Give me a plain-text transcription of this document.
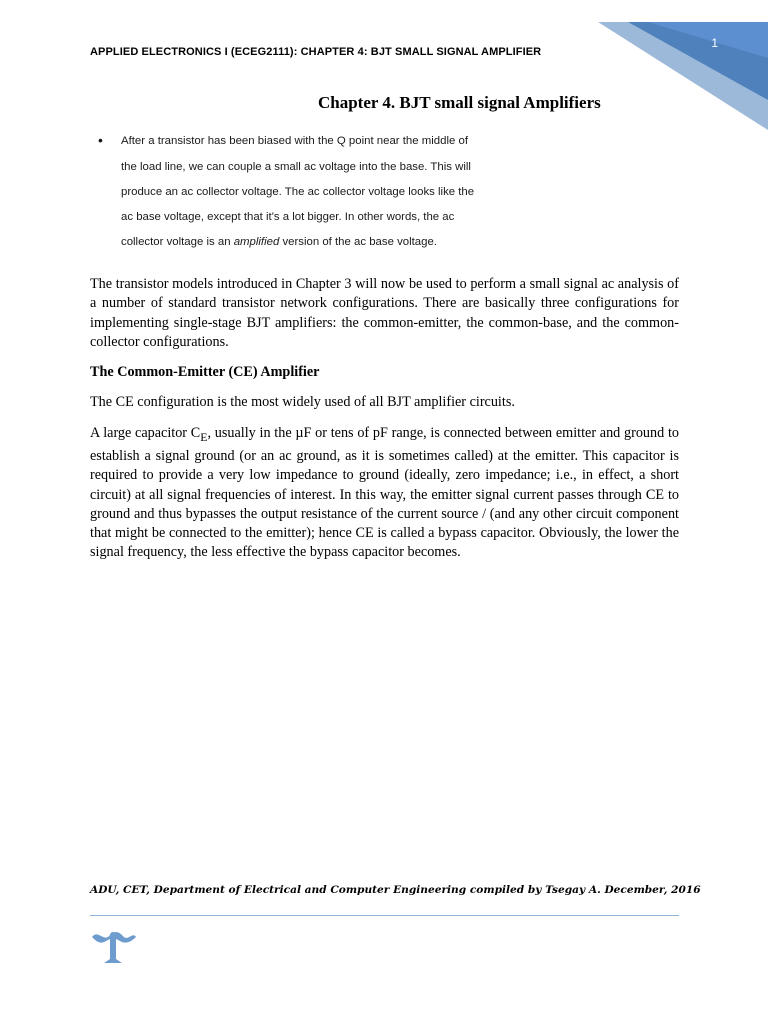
APPLIED ELECTRONICS I (ECEG2111): CHAPTER 4: BJT SMALL SIGNAL AMPLIFIER
1
Chapter 4. BJT small signal Amplifiers
• After a transistor has been biased with the Q point near the middle of
the load line, we can couple a small ac voltage into the base. This will
produce an ac collector voltage. The ac collector voltage looks like the
ac base voltage, except that it's a lot bigger. In other words, the ac
collector voltage is an amplified version of the ac base voltage.

The transistor models introduced in Chapter 3 will now be used to perform a small signal ac analysis of a number of standard transistor network configurations. There are basically three configurations for implementing single-stage BJT amplifiers: the common-emitter, the common-base, and the common-collector configurations.

The Common-Emitter (CE) Amplifier

The CE configuration is the most widely used of all BJT amplifier circuits.

A large capacitor $C_E$, usually in the µF or tens of pF range, is connected between emitter and ground to establish a signal ground (or an ac ground, as it is sometimes called) at the emitter. This capacitor is required to provide a very low impedance to ground (ideally, zero impedance; i.e., in effect, a short circuit) at all signal frequencies of interest. In this way, the emitter signal current passes through CE to ground and thus bypasses the output resistance of the current source / (and any other circuit component that might be connected to the emitter); hence CE is called a bypass capacitor. Obviously, the lower the signal frequency, the less effective the bypass capacitor becomes.

ADU, CET, Department of Electrical and Computer Engineering compiled by Tsegay A. December, 2016
